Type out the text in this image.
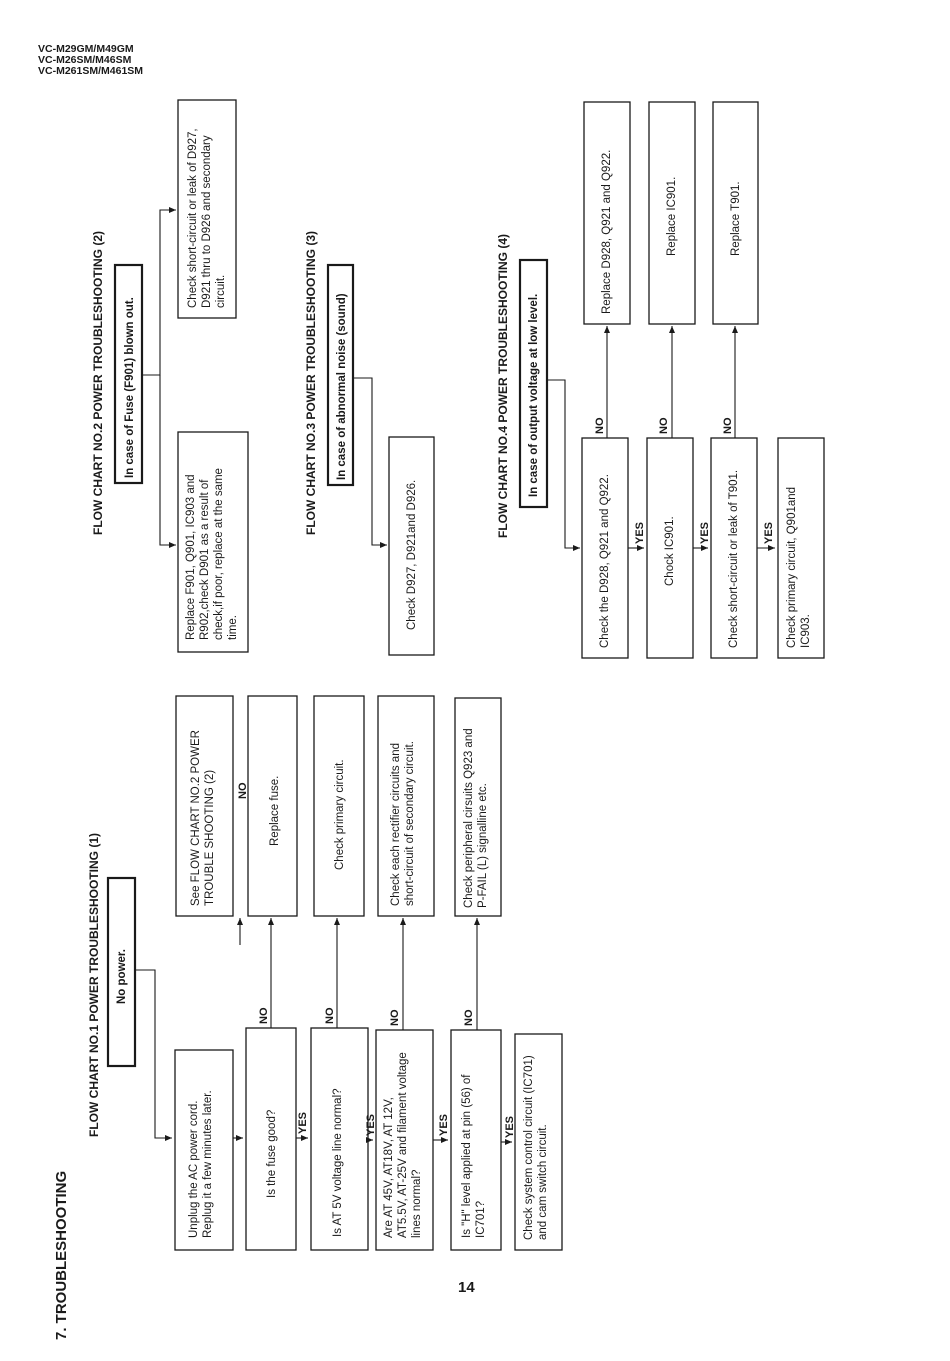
VC-M29GM/M49GM
VC-M26SM/M46SM
VC-M261SM/M461SM
7. TROUBLESHOOTING
FLOW CHART NO.1 POWER TROUBLESHOOTING (1) No power.
Unplug the AC power cord. Replug it a few minutes later.	Is the fuse good?	Is AT 5V voltage line normal?	Are AT 45V, AT18V, AT 12V, AT5.5V, AT-25V and filament voltage lines normal?	Is "H" level applied at pin (56) of IC701?	Check system control circuit (IC701) and cam switch circuit.
YES	YES	YES	YES
See FLOW CHART NO.2 POWER TROUBLE SHOOTING (2)	Replace fuse.	Check primary circuit.	Check each rectifier circuits and short-circuit of secondary circuit.	Check peripheral cirsuits Q923 and P-FAIL (L) signalline etc.
NO
NO
NO	NO	NO
FLOW CHART NO.2 POWER TROUBLESHOOTING (2) In case of Fuse (F901) blown out.
Replace F901, Q901, IC903 and R902,check D901 as a result of check,if poor, replace at the same time.
Check short-circuit or leak of D927, D921 thru to D926 and secondary circuit.	FLOW CHART NO.3 POWER TROUBLESHOOTING (3) In case of abnormal noise (sound)
Check D927, D921and D926.
FLOW CHART NO.4 POWER TROUBLESHOOTING (4) In case of output voltage at low level.
Check the D928, Q921 and Q922.	Chock IC901.	Check short-circuit or leak of T901.	Check primary circuit, Q901and IC903.
YES	YES	YES
Replace D928, Q921 and Q922.	Replace IC901.	Replace T901.
NO	NO	NO
14
